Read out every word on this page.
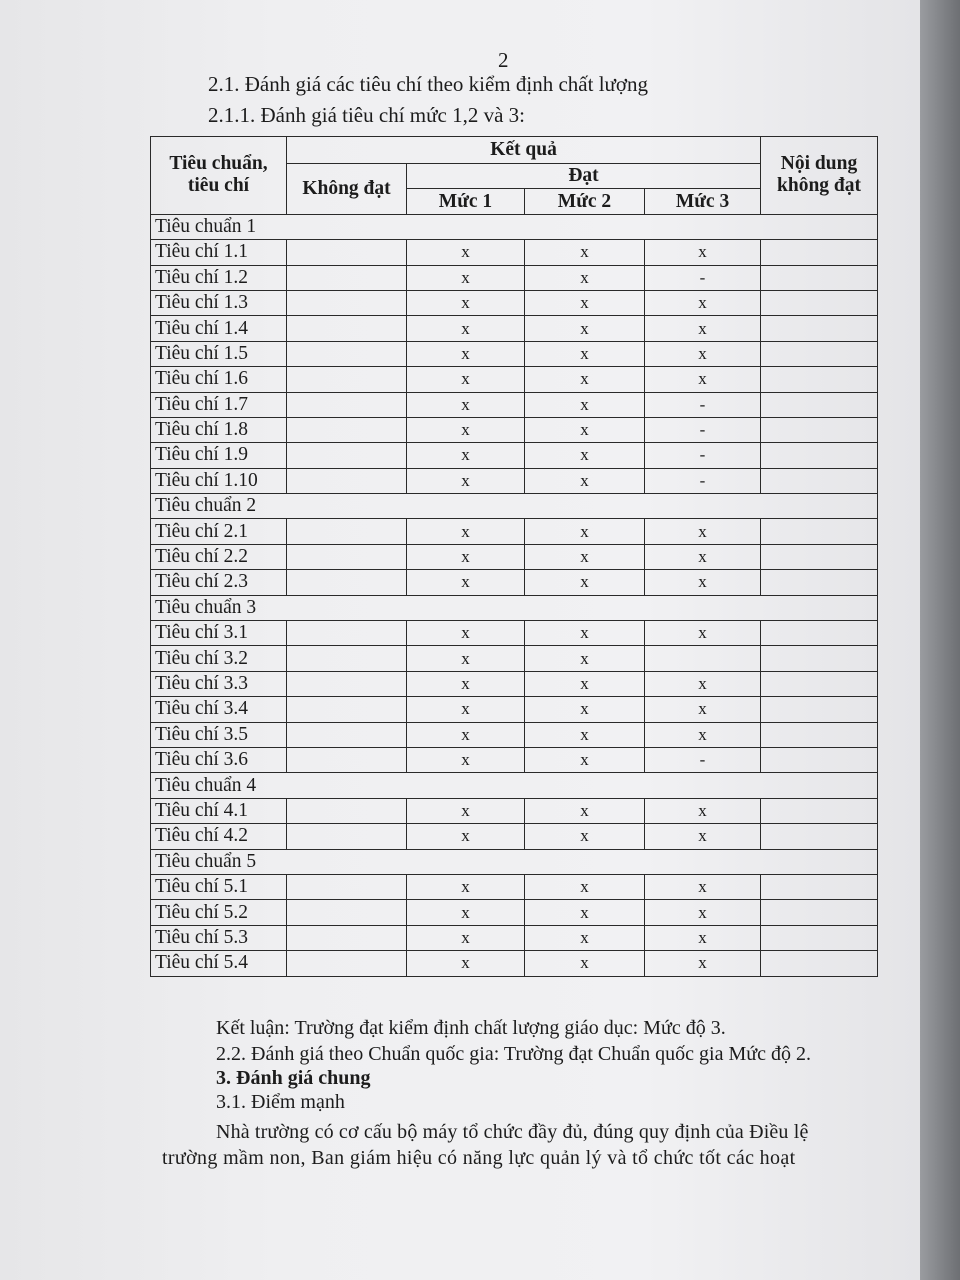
2
2.1. Đánh giá các tiêu chí theo kiểm định chất lượng
2.1.1. Đánh giá tiêu chí mức 1,2 và 3:
Tiêu chuẩn, tiêu chí	Kết quả				Nội dung không đạt
	Không đạt	Đạt			
		Mức 1	Mức 2	Mức 3	
Tiêu chuẩn 1					
Tiêu chí 1.1		x	x	x	
Tiêu chí 1.2		x	x	-	
Tiêu chí 1.3		x	x	x	
Tiêu chí 1.4		x	x	x	
Tiêu chí 1.5		x	x	x	
Tiêu chí 1.6		x	x	x	
Tiêu chí 1.7		x	x	-	
Tiêu chí 1.8		x	x	-	
Tiêu chí 1.9		x	x	-	
Tiêu chí 1.10		x	x	-	
Tiêu chuẩn 2					
Tiêu chí 2.1		x	x	x	
Tiêu chí 2.2		x	x	x	
Tiêu chí 2.3		x	x	x	
Tiêu chuẩn 3					
Tiêu chí 3.1		x	x	x	
Tiêu chí 3.2		x	x		
Tiêu chí 3.3		x	x	x	
Tiêu chí 3.4		x	x	x	
Tiêu chí 3.5		x	x	x	
Tiêu chí 3.6		x	x	-	
Tiêu chuẩn 4					
Tiêu chí 4.1		x	x	x	
Tiêu chí 4.2		x	x	x	
Tiêu chuẩn 5					
Tiêu chí 5.1		x	x	x	
Tiêu chí 5.2		x	x	x	
Tiêu chí 5.3		x	x	x	
Tiêu chí 5.4		x	x	x	
Kết luận: Trường đạt kiểm định chất lượng giáo dục: Mức độ 3.
2.2. Đánh giá theo Chuẩn quốc gia: Trường đạt Chuẩn quốc gia Mức độ 2.
3. Đánh giá chung
3.1. Điểm mạnh
Nhà trường có cơ cấu bộ máy tổ chức đầy đủ, đúng quy định của Điều lệ
trường mầm non, Ban giám hiệu có năng lực quản lý và tổ chức tốt các hoạt
